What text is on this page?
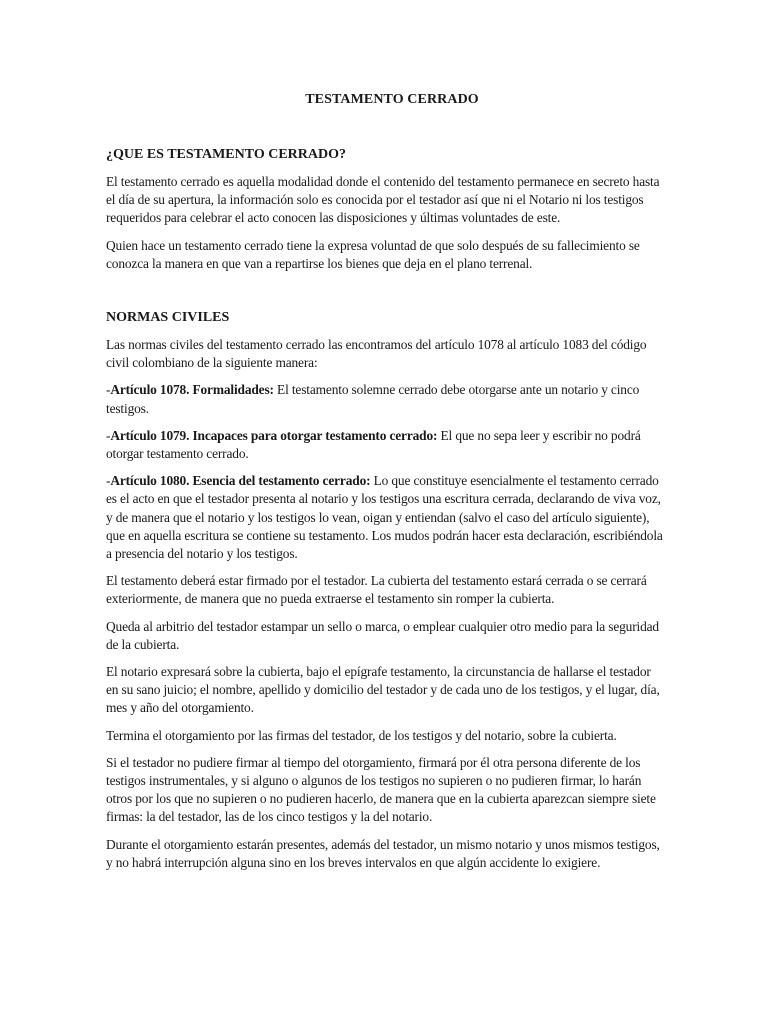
TESTAMENTO CERRADO
¿QUE ES TESTAMENTO CERRADO?

El testamento cerrado es aquella modalidad donde el contenido del testamento permanece en secreto hasta el día de su apertura, la información solo es conocida por el testador así que ni el Notario ni los testigos requeridos para celebrar el acto conocen las disposiciones y últimas voluntades de este.

Quien hace un testamento cerrado tiene la expresa voluntad de que solo después de su fallecimiento se conozca la manera en que van a repartirse los bienes que deja en el plano terrenal.

NORMAS CIVILES

Las normas civiles del testamento cerrado las encontramos del artículo 1078 al artículo 1083 del código civil colombiano de la siguiente manera:

-Artículo 1078. Formalidades: El testamento solemne cerrado debe otorgarse ante un notario y cinco testigos.

-Artículo 1079. Incapaces para otorgar testamento cerrado: El que no sepa leer y escribir no podrá otorgar testamento cerrado.

-Artículo 1080. Esencia del testamento cerrado: Lo que constituye esencialmente el testamento cerrado es el acto en que el testador presenta al notario y los testigos una escritura cerrada, declarando de viva voz, y de manera que el notario y los testigos lo vean, oigan y entiendan (salvo el caso del artículo siguiente), que en aquella escritura se contiene su testamento. Los mudos podrán hacer esta declaración, escribiéndola a presencia del notario y los testigos.

El testamento deberá estar firmado por el testador. La cubierta del testamento estará cerrada o se cerrará exteriormente, de manera que no pueda extraerse el testamento sin romper la cubierta.

Queda al arbitrio del testador estampar un sello o marca, o emplear cualquier otro medio para la seguridad de la cubierta.

El notario expresará sobre la cubierta, bajo el epígrafe testamento, la circunstancia de hallarse el testador en su sano juicio; el nombre, apellido y domicilio del testador y de cada uno de los testigos, y el lugar, día, mes y año del otorgamiento.

Termina el otorgamiento por las firmas del testador, de los testigos y del notario, sobre la cubierta.

Si el testador no pudiere firmar al tiempo del otorgamiento, firmará por él otra persona diferente de los testigos instrumentales, y si alguno o algunos de los testigos no supieren o no pudieren firmar, lo harán otros por los que no supieren o no pudieren hacerlo, de manera que en la cubierta aparezcan siempre siete firmas: la del testador, las de los cinco testigos y la del notario.

Durante el otorgamiento estarán presentes, además del testador, un mismo notario y unos mismos testigos, y no habrá interrupción alguna sino en los breves intervalos en que algún accidente lo exigiere.
